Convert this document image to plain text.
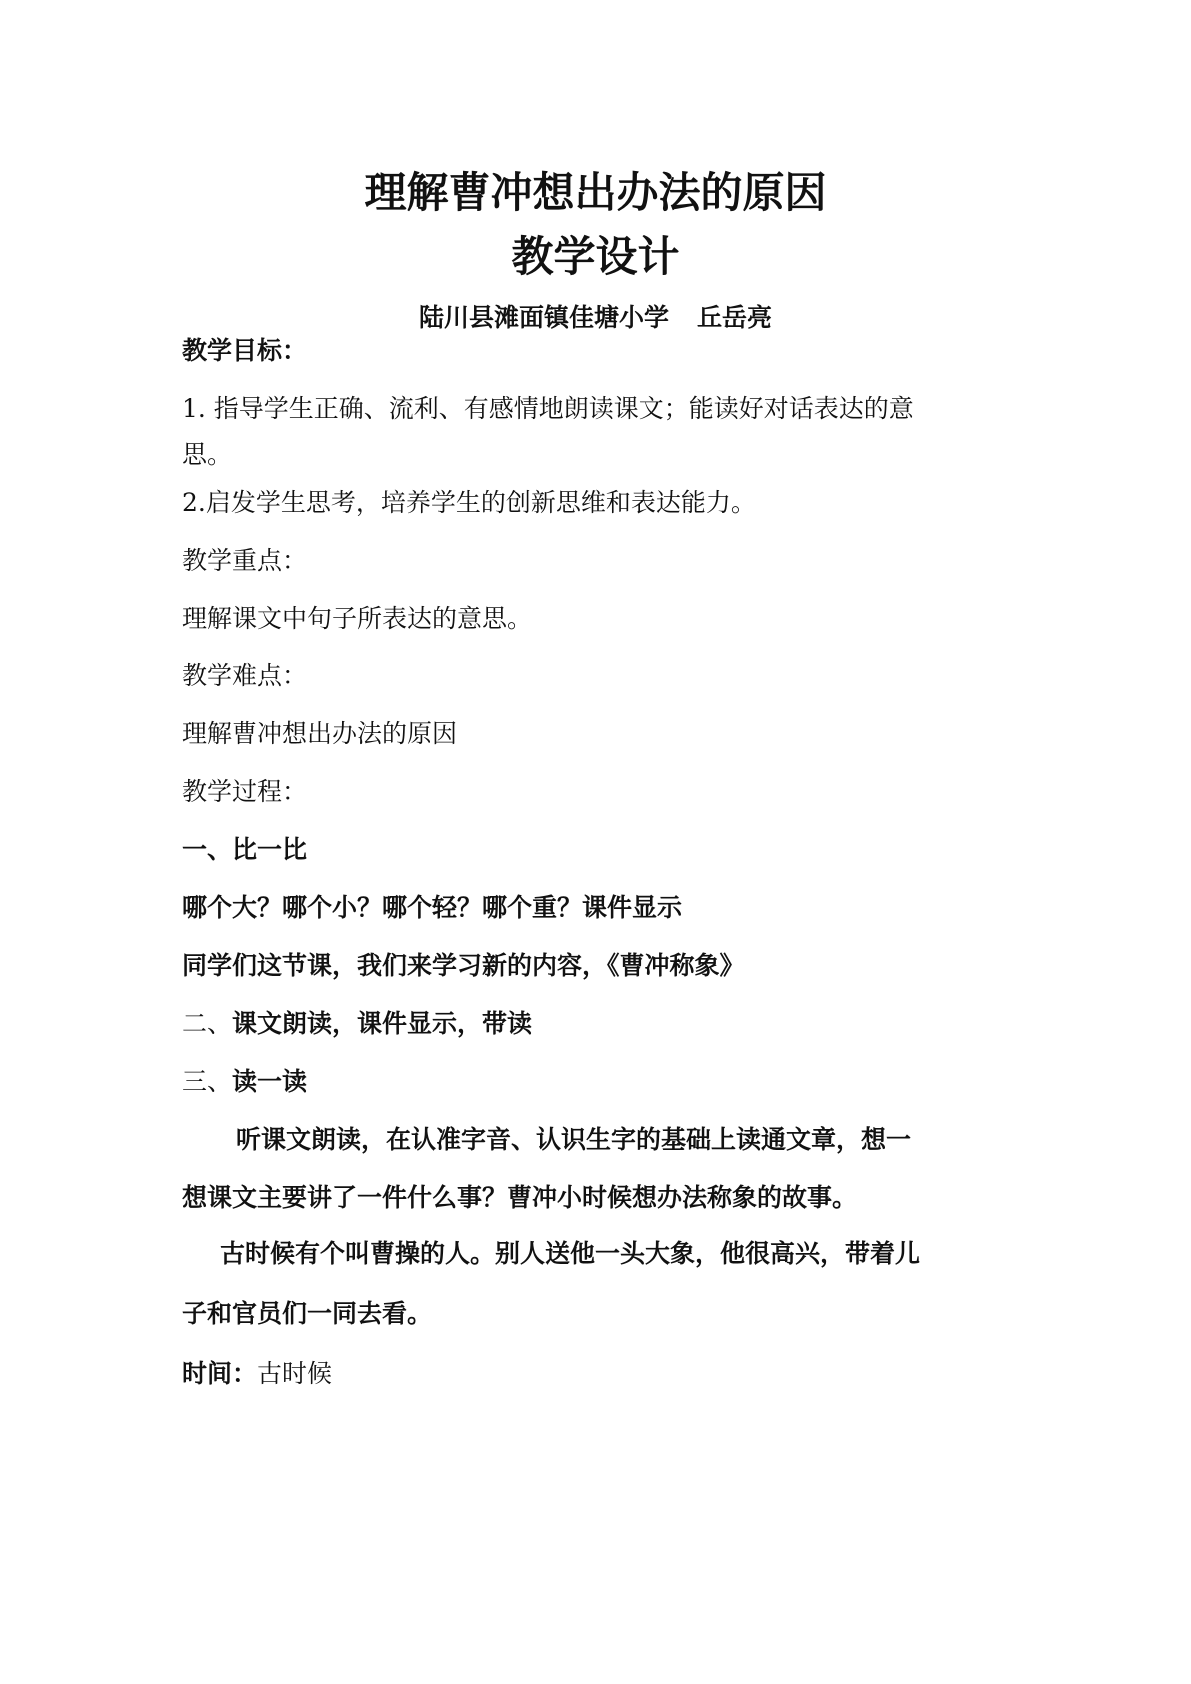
理解曹冲想出办法的原因
教学设计
陆川县滩面镇佳塘小学 丘岳亮

教学目标：

1. 指导学生正确、流利、有感情地朗读课文；能读好对话表达的意

思。

2.启发学生思考，培养学生的创新思维和表达能力。

教学重点：

理解课文中句子所表达的意思。

教学难点：

理解曹冲想出办法的原因

教学过程：

一、比一比

哪个大？哪个小？哪个轻？哪个重？课件显示

同学们这节课，我们来学习新的内容，《曹冲称象》

二、课文朗读，课件显示，带读

三、读一读

听课文朗读，在认准字音、认识生字的基础上读通文章，想一

想课文主要讲了一件什么事？曹冲小时候想办法称象的故事。

古时候有个叫曹操的人。别人送他一头大象，他很高兴，带着儿

子和官员们一同去看。

时间：古时候
